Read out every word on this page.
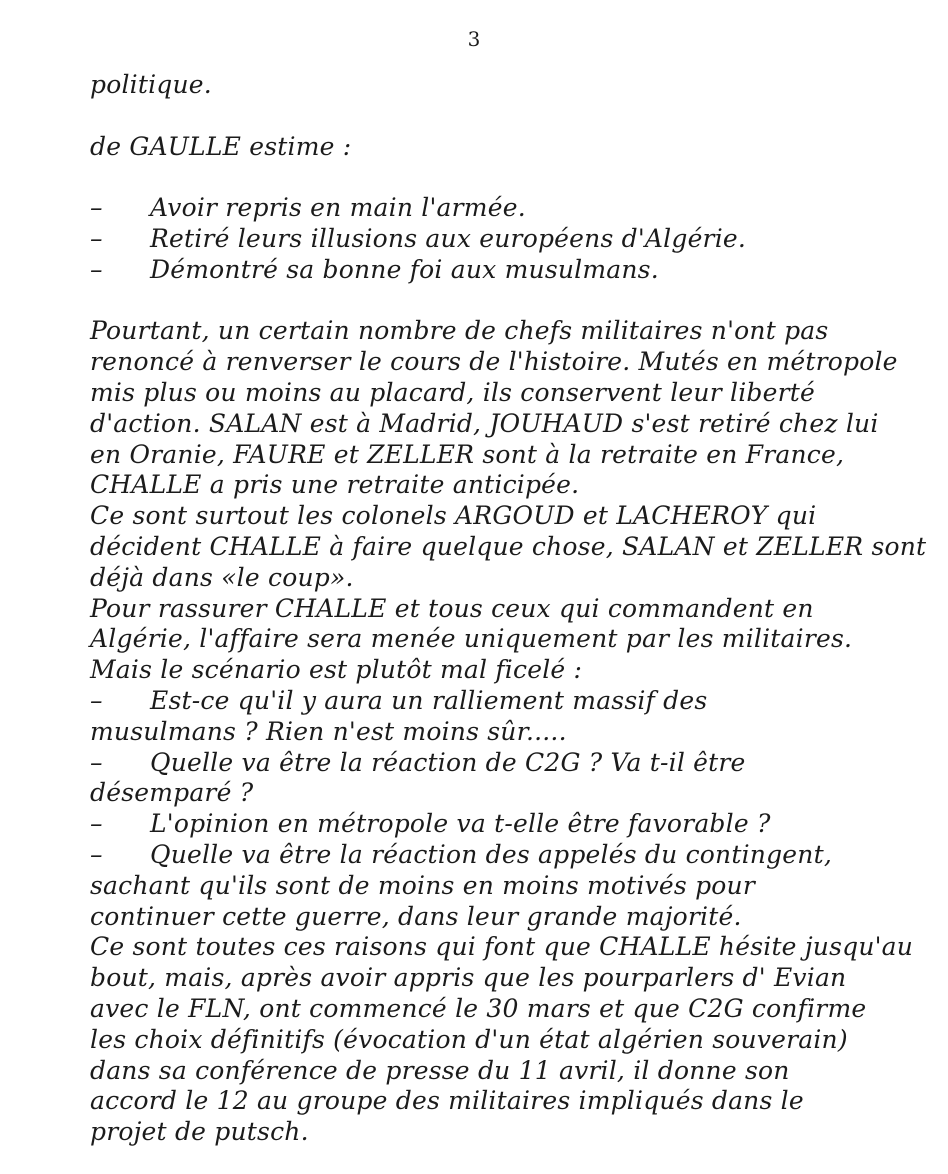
3
politique.
de GAULLE estime :
– Avoir repris en main l'armée.
– Retiré leurs illusions aux européens d'Algérie.
– Démontré sa bonne foi aux musulmans.
Pourtant, un certain nombre de chefs militaires n'ont pas
renoncé à renverser le cours de l'histoire. Mutés en métropole
mis plus ou moins au placard, ils conservent leur liberté
d'action. SALAN est à Madrid, JOUHAUD s'est retiré chez lui
en Oranie, FAURE et ZELLER sont à la retraite en France,
CHALLE a pris une retraite anticipée.
Ce sont surtout les colonels ARGOUD et LACHEROY qui
décident CHALLE à faire quelque chose, SALAN et ZELLER sont
déjà dans «le coup».
Pour rassurer CHALLE et tous ceux qui commandent en
Algérie, l'affaire sera menée uniquement par les militaires.
Mais le scénario est plutôt mal ficelé :
– Est-ce qu'il y aura un ralliement massif des
musulmans ? Rien n'est moins sûr.....
– Quelle va être la réaction de C2G ? Va t-il être
désemparé ?
– L'opinion en métropole va t-elle être favorable ?
– Quelle va être la réaction des appelés du contingent,
sachant qu'ils sont de moins en moins motivés pour
continuer cette guerre, dans leur grande majorité.
Ce sont toutes ces raisons qui font que CHALLE hésite jusqu'au
bout, mais, après avoir appris que les pourparlers d' Evian
avec le FLN, ont commencé le 30 mars et que C2G confirme
les choix définitifs (évocation d'un état algérien souverain)
dans sa conférence de presse du 11 avril, il donne son
accord le 12 au groupe des militaires impliqués dans le
projet de putsch.
